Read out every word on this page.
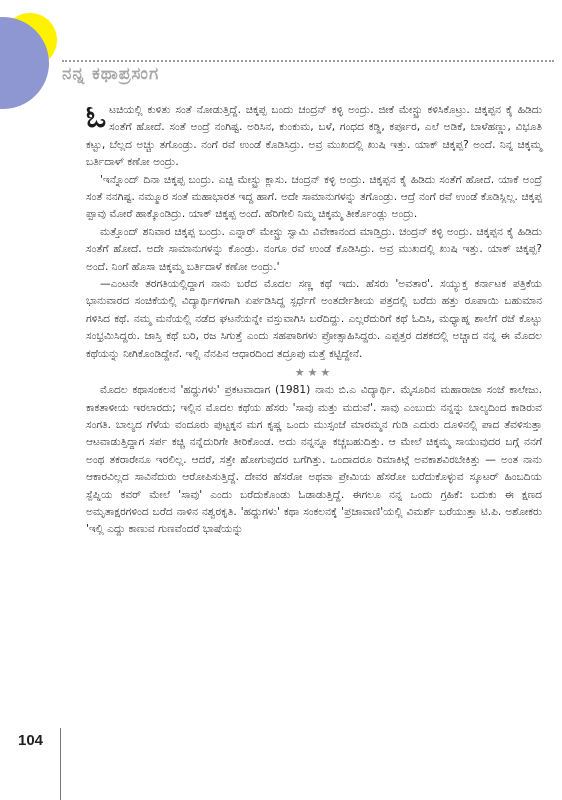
ನನ್ನ ಕಥಾಪ್ರಸಂಗ

ಓಟಚಿಯಲ್ಲಿ ಕುಳಿತು ಸಂತೆ ನೋಡುತ್ತಿದ್ದೆ. ಚಿಕ್ಕಪ್ಪ ಬಂದು ಚಂದ್ರನ್ ಕಳ್ಳಿ ಅಂದ್ರು. ಜೀಕೆ ಮೇಸ್ಟ್ರು ಕಳಿಸಿಕೊಟ್ರು. ಚಿಕ್ಕಪ್ಪನ ಕೈ ಹಿಡಿದು ಸಂತೆಗೆ ಹೋದೆ. ಸಂತೆ ಅಂದ್ರೆ ನಂಗಿಷ್ಟ. ಅರಿಸಿನ, ಕುಂಕುಮ, ಬಳೆ, ಗಂಧದ ಕಡ್ಡಿ, ಕರ್ಪೂರ, ಎಲೆ ಅಡಿಕೆ, ಬಾಳೆಹಣ್ಣು, ವಿಭೂತಿ ಕಟ್ಟು, ಬೆಲ್ಲದ ಅಚ್ಚು ತಗೊಂಡ್ರು. ನಂಗೆ ರವೆ ಉಂಡೆ ಕೊಡಿಸಿದ್ರು. ಅವ್ರ ಮುಖದಲ್ಲಿ ಖುಷಿ ಇತ್ತು. ಯಾಕ್ ಚಿಕ್ಕಪ್ಪ? ಅಂದೆ. ನಿನ್ನ ಚಿಕ್ಕಮ್ಮ ಬರ್ತಿದಾಳ್ ಕಣೋ ಅಂದ್ರು.

'ಇನ್ನೊಂದ್ ದಿನಾ ಚಿಕ್ಕಪ್ಪ ಬಂದ್ರು. ಎಚ್ಪಿ ಮೇಸ್ಟ್ರು ಕ್ಲಾಸು. ಚಂದ್ರನ್ ಕಳ್ಳಿ ಅಂದ್ರು. ಚಿಕ್ಕಪ್ಪನ ಕೈ ಹಿಡಿದು ಸಂತೆಗೆ ಹೋದೆ. ಯಾಕೆ ಅಂದ್ರೆ ಸಂತೆ ನನಗಿಷ್ಟ. ನಮ್ಮೂರ ಸಂತೆ ಮಹಾಭಾರತ ಇದ್ದ ಹಾಗೆ. ಅದೇ ಸಾಮಾನುಗಳನ್ನು ತಗೊಂಡ್ರು. ಆದ್ರೆ ನಂಗೆ ರವೆ ಉಂಡೆ ಕೊಡಿಸ್ಲಿಲ್ಲ. ಚಿಕ್ಕಪ್ಪ ಪ್ಪಾವು ಮೋರೆ ಹಾಕ್ಕೊಂಡಿದ್ರು. ಯಾಕ್ ಚಿಕ್ಕಪ್ಪ ಅಂದೆ. ಹೆರಿಗೇಲಿ ನಿಮ್ಮ ಚಿಕ್ಕಮ್ಮ ತೀರ್ಕೊಂಡ್ಲು ಅಂದ್ರು.

ಮತ್ತೊಂದ್ ಶನಿವಾರ ಚಿಕ್ಕಪ್ಪ ಬಂದ್ರು. ಎನ್ನಾರ್ ಮೇಸ್ಟ್ರು ಸ್ವಾಮಿ ವಿವೇಕಾನಂದ ಮಾಡ್ತಿದ್ರು. ಚಂದ್ರನ್ ಕಳ್ಳಿ ಅಂದ್ರು. ಚಿಕ್ಕಪ್ಪನ ಕೈ ಹಿಡಿದು ಸಂತೆಗೆ ಹೋದೆ. ಅದೇ ಸಾಮಾನುಗಳನ್ನು ಕೊಂಡ್ರು. ನಂಗೂ ರವೆ ಉಂಡೆ ಕೊಡಿಸಿದ್ರು. ಅವ್ರ ಮುಖದಲ್ಲಿ ಖುಷಿ ಇತ್ತು. ಯಾಕ್ ಚಿಕ್ಕಪ್ಪ? ಅಂದೆ. ನಿಂಗೆ ಹೊಸಾ ಚಿಕ್ಕಮ್ಮ ಬರ್ತಿದಾಳೆ ಕಣೋ ಅಂದ್ರು.'

—ಎಂಟನೇ ತರಗತಿಯಲ್ಲಿದ್ದಾಗ ನಾನು ಬರೆದ ಮೊದಲ ಸಣ್ಣ ಕಥೆ ಇದು. ಹೆಸರು 'ಅವತಾರ'. ಸಯ್ಯುಕ್ತ ಕರ್ನಾಟಕ ಪತ್ರಿಕೆಯ ಭಾನುವಾರದ ಸಂಚಿಕೆಯಲ್ಲಿ ವಿದ್ಯಾರ್ಥಿಗಳಿಗಾಗಿ ಏರ್ಪಡಿಸಿದ್ದ ಸ್ಪರ್ಧೆಗೆ ಅಂತರ್ದೇಶೀಯ ಪತ್ರದಲ್ಲಿ ಬರೆದು ಹತ್ತು ರೂಪಾಯಿ ಬಹುಮಾನ ಗಳಿಸಿದ ಕಥೆ. ನಮ್ಮ ಮನೆಯಲ್ಲಿ ನಡೆದ ಘಟನೆಯನ್ನೇ ವಸ್ತುವಾಗಿಸಿ ಬರೆದಿದ್ದು. ಎಲ್ಲರೆದುರಿಗೆ ಕಥೆ ಓದಿಸಿ, ಮಧ್ಯಾಹ್ನ ಶಾಲೆಗೆ ರಜೆ ಕೊಟ್ಟು ಸಂಭ್ರಮಿಸಿದ್ದರು. ಜಾಸ್ತಿ ಕಥೆ ಬರಿ, ರಜ ಸಿಗುತ್ತೆ ಎಂದು ಸಹಪಾಠಿಗಳು ಪ್ರೋತ್ಸಾಹಿಸಿದ್ದರು. ಎಪ್ಪತ್ತರ ದಶಕದಲ್ಲಿ ಅಚ್ಚಾದ ನನ್ನ ಈ ಮೊದಲ ಕಥೆಯನ್ನು ನೀಗಿಕೊಂಡಿದ್ದೇನೆ. ಇಲ್ಲಿ ನೆನಪಿನ ಆಧಾರದಿಂದ ತದ್ರೂಪು ಮತ್ತೆ ಕಟ್ಟಿದ್ದೇನೆ.

★★★

ಮೊದಲ ಕಥಾಸಂಕಲನ 'ಹದ್ದುಗಳು' ಪ್ರಕಟವಾದಾಗ (1981) ನಾನು ಬಿ.ಎ ವಿದ್ಯಾರ್ಥಿ. ಮೈಸೂರಿನ ಮಹಾರಾಜಾ ಸಂಜೆ ಕಾಲೇಜು. ಕಾಕತಾಳೀಯ ಇರಲಾರದು; ಇಲ್ಲಿನ ಮೊದಲ ಕಥೆಯ ಹೆಸರು 'ಸಾವು ಮತ್ತು ಮದುವೆ'. ಸಾವು ಎಂಬುದು ನನ್ನನ್ನು ಬಾಲ್ಯದಿಂದ ಕಾಡಿರುವ ಸಂಗತಿ. ಬಾಲ್ಯದ ಗೆಳೆಯ ವಂದೂರು ಪುಟ್ಟಕ್ಕನ ಮಗ ಕೃಷ್ಣ ಒಂದು ಮುಸ್ಸಂಜೆ ಮಾರಮ್ಮನ ಗುಡಿ ಎದುರು ದೂಳಿನಲ್ಲಿ ಪಾದ ತೆವಳಿಸುತ್ತಾ ಆಟವಾಡುತ್ತಿದ್ದಾಗ ಸರ್ಪ ಕಚ್ಚಿ ನನ್ನೆದುರಿಗೇ ತೀರಿಕೊಂಡ. ಅದು ನನ್ನನ್ನೂ ಕಚ್ಚಬಹುದಿತ್ತು. ಆ ಮೇಲೆ ಚಿಕ್ಕಮ್ಮ ಸಾಯುವುದರ ಬಗ್ಗೆ ನನಗೆ ಅಂಥ ತಕರಾರೇನೂ ಇರಲಿಲ್ಲ. ಆದರೆ, ಸತ್ತೇ ಹೋಗುವುದರ ಬಗೆಗಿತ್ತು. ಒಂದಾದರೂ ರಿಮಾಕಿಟ್ಗೆ ಅವಕಾಶವಿರಬೇಕಿತ್ತು — ಅಂತ ನಾನು ಆಕಾರವಿಲ್ಲದ ಸಾವಿನೆದುರು ಆರೋಪಿಸುತ್ತಿದ್ದೆ. ದೇವರ ಹೆಸರೋ ಅಥವಾ ಪ್ರೇಮಿಯ ಹೆಸರೋ ಬರೆದುಕೊಳ್ಳುವ ಸ್ಕೂಟರ್ ಹಿಂಬದಿಯ ಸ್ಪೆಪ್ನಿಯ ಕವರ್ ಮೇಲೆ 'ಸಾವು' ಎಂದು ಬರೆದುಕೊಂಡು ಓಡಾಡುತ್ತಿದ್ದೆ. ಈಗಲೂ ನನ್ನ ಒಂದು ಗ್ರಹಿಕೆ: ಬದುಕು ಈ ಕ್ಷಣದ ಅಮೃತಾಕ್ಷರಗಳಿಂದ ಬರೆದ ನಾಳಿನ ನಶ್ವರಕೃತಿ. 'ಹದ್ದುಗಳು' ಕಥಾ ಸಂಕಲನಕ್ಕೆ 'ಪ್ರಜಾವಾಣಿ'ಯಲ್ಲಿ ವಿಮರ್ಶೆ ಬರೆಯುತ್ತಾ ಟಿ.ಪಿ. ಅಶೋಕರು 'ಇಲ್ಲಿ ಎದ್ದು ಕಾಣುವ ಗುಣವೆಂದರೆ ಭಾಷೆಯನ್ನು

104
